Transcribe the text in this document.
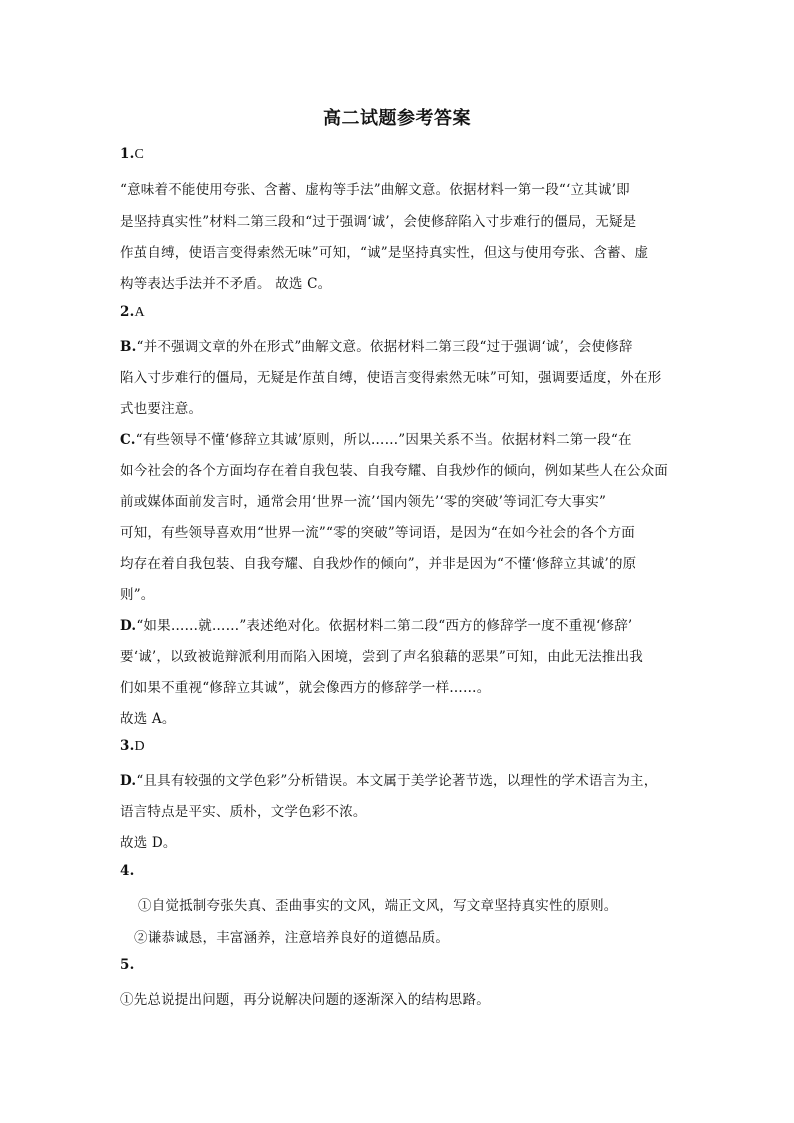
高二试题参考答案
1.C
“意味着不能使用夸张、含蓄、虚构等手法”曲解文意。依据材料一第一段“‘立其诚’即
是坚持真实性”材料二第三段和“过于强调‘诚’，会使修辞陷入寸步难行的僵局，无疑是
作茧自缚，使语言变得索然无味”可知，“诚”是坚持真实性，但这与使用夸张、含蓄、虚
构等表达手法并不矛盾。 故选 C。
2.A
B.“并不强调文章的外在形式”曲解文意。依据材料二第三段“过于强调‘诚’，会使修辞
陷入寸步难行的僵局，无疑是作茧自缚，使语言变得索然无味”可知，强调要适度，外在形
式也要注意。
C.“有些领导不懂‘修辞立其诚’原则，所以……”因果关系不当。依据材料二第一段“在
如今社会的各个方面均存在着自我包装、自我夸耀、自我炒作的倾向，例如某些人在公众面
前或媒体面前发言时，通常会用‘世界一流’‘国内领先’‘零的突破’等词汇夸大事实”
可知，有些领导喜欢用“世界一流”“零的突破”等词语，是因为“在如今社会的各个方面
均存在着自我包装、自我夸耀、自我炒作的倾向”，并非是因为“不懂‘修辞立其诚’的原
则”。
D.“如果……就……”表述绝对化。依据材料二第二段“西方的修辞学一度不重视‘修辞’
要‘诚’，以致被诡辩派利用而陷入困境，尝到了声名狼藉的恶果”可知，由此无法推出我
们如果不重视“修辞立其诚”，就会像西方的修辞学一样……。
故选 A。
3.D
D.“且具有较强的文学色彩”分析错误。本文属于美学论著节选，以理性的学术语言为主，
语言特点是平实、质朴，文学色彩不浓。
故选 D。
4.
①自觉抵制夸张失真、歪曲事实的文风，端正文风，写文章坚持真实性的原则。
②谦恭诚恳，丰富涵养，注意培养良好的道德品质。
5.
①先总说提出问题，再分说解决问题的逐渐深入的结构思路。
